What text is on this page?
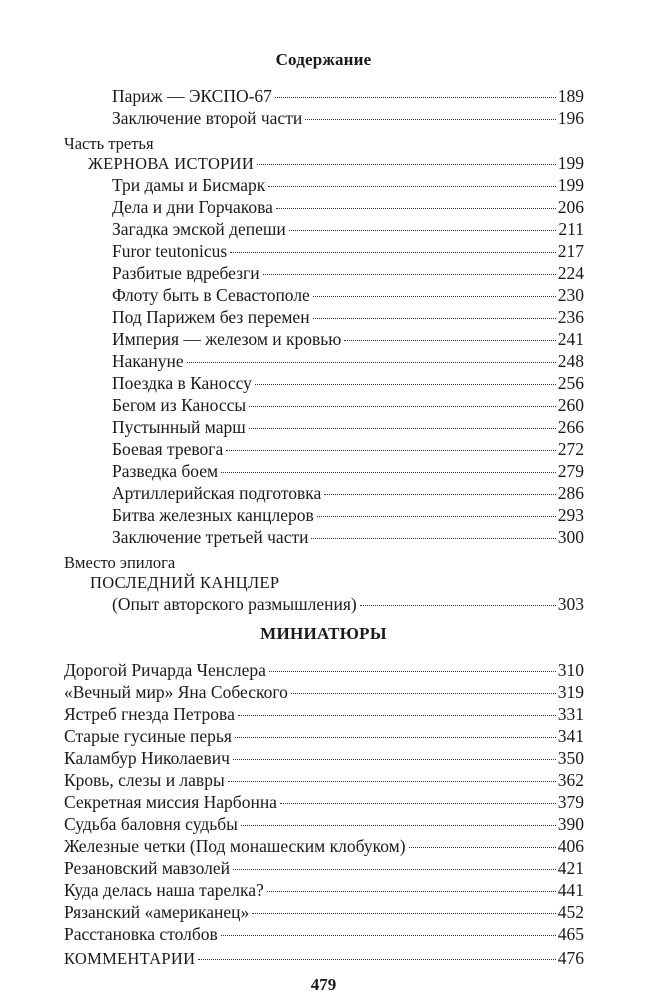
Содержание
Париж — ЭКСПО-67	189
Заключение второй части	196
Часть третья
ЖЕРНОВА ИСТОРИИ	199
Три дамы и Бисмарк	199
Дела и дни Горчакова	206
Загадка эмской депеши	211
Furor teutonicus	217
Разбитые вдребезги	224
Флоту быть в Севастополе	230
Под Парижем без перемен	236
Империя — железом и кровью	241
Накануне	248
Поездка в Каноссу	256
Бегом из Каноссы	260
Пустынный марш	266
Боевая тревога	272
Разведка боем	279
Артиллерийская подготовка	286
Битва железных канцлеров	293
Заключение третьей части	300
Вместо эпилога
ПОСЛЕДНИЙ КАНЦЛЕР
(Опыт авторского размышления)	303
МИНИАТЮРЫ
Дорогой Ричарда Ченслера	310
«Вечный мир» Яна Собеского	319
Ястреб гнезда Петрова	331
Старые гусиные перья	341
Каламбур Николаевич	350
Кровь, слезы и лавры	362
Секретная миссия Нарбонна	379
Судьба баловня судьбы	390
Железные четки (Под монашеским клобуком)	406
Резановский мавзолей	421
Куда делась наша тарелка?	441
Рязанский «американец»	452
Расстановка столбов	465
КОММЕНТАРИИ	476
479
